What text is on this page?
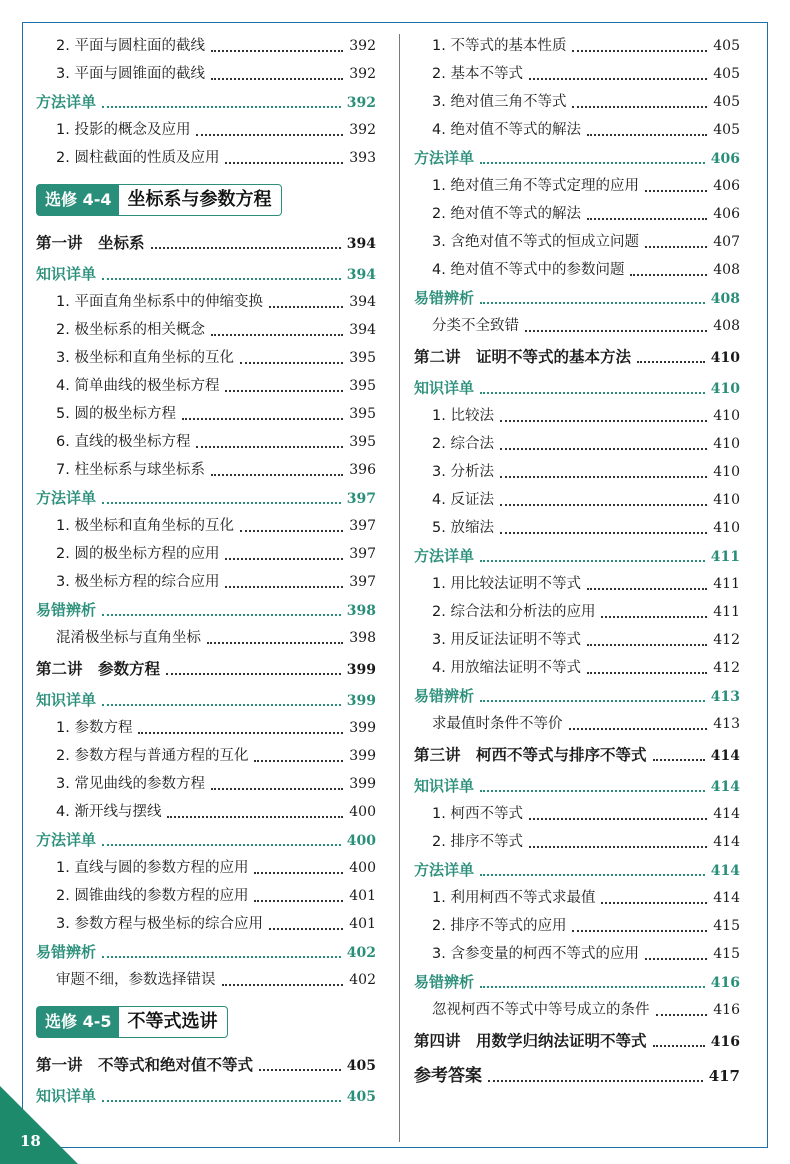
2. 平面与圆柱面的截线	392
3. 平面与圆锥面的截线	392
方法详单	392
1. 投影的概念及应用	392
2. 圆柱截面的性质及应用	393
选修 4-4 坐标系与参数方程
第一讲　坐标系	394
知识详单	394
1. 平面直角坐标系中的伸缩变换	394
2. 极坐标系的相关概念	394
3. 极坐标和直角坐标的互化	395
4. 简单曲线的极坐标方程	395
5. 圆的极坐标方程	395
6. 直线的极坐标方程	395
7. 柱坐标系与球坐标系	396
方法详单	397
1. 极坐标和直角坐标的互化	397
2. 圆的极坐标方程的应用	397
3. 极坐标方程的综合应用	397
易错辨析	398
混淆极坐标与直角坐标	398
第二讲　参数方程	399
知识详单	399
1. 参数方程	399
2. 参数方程与普通方程的互化	399
3. 常见曲线的参数方程	399
4. 渐开线与摆线	400
方法详单	400
1. 直线与圆的参数方程的应用	400
2. 圆锥曲线的参数方程的应用	401
3. 参数方程与极坐标的综合应用	401
易错辨析	402
审题不细，参数选择错误	402
选修 4-5 不等式选讲
第一讲　不等式和绝对值不等式	405
知识详单	405
1. 不等式的基本性质	405
2. 基本不等式	405
3. 绝对值三角不等式	405
4. 绝对值不等式的解法	405
方法详单	406
1. 绝对值三角不等式定理的应用	406
2. 绝对值不等式的解法	406
3. 含绝对值不等式的恒成立问题	407
4. 绝对值不等式中的参数问题	408
易错辨析	408
分类不全致错	408
第二讲　证明不等式的基本方法	410
知识详单	410
1. 比较法	410
2. 综合法	410
3. 分析法	410
4. 反证法	410
5. 放缩法	410
方法详单	411
1. 用比较法证明不等式	411
2. 综合法和分析法的应用	411
3. 用反证法证明不等式	412
4. 用放缩法证明不等式	412
易错辨析	413
求最值时条件不等价	413
第三讲　柯西不等式与排序不等式	414
知识详单	414
1. 柯西不等式	414
2. 排序不等式	414
方法详单	414
1. 利用柯西不等式求最值	414
2. 排序不等式的应用	415
3. 含参变量的柯西不等式的应用	415
易错辨析	416
忽视柯西不等式中等号成立的条件	416
第四讲　用数学归纳法证明不等式	416
参考答案	417
18
